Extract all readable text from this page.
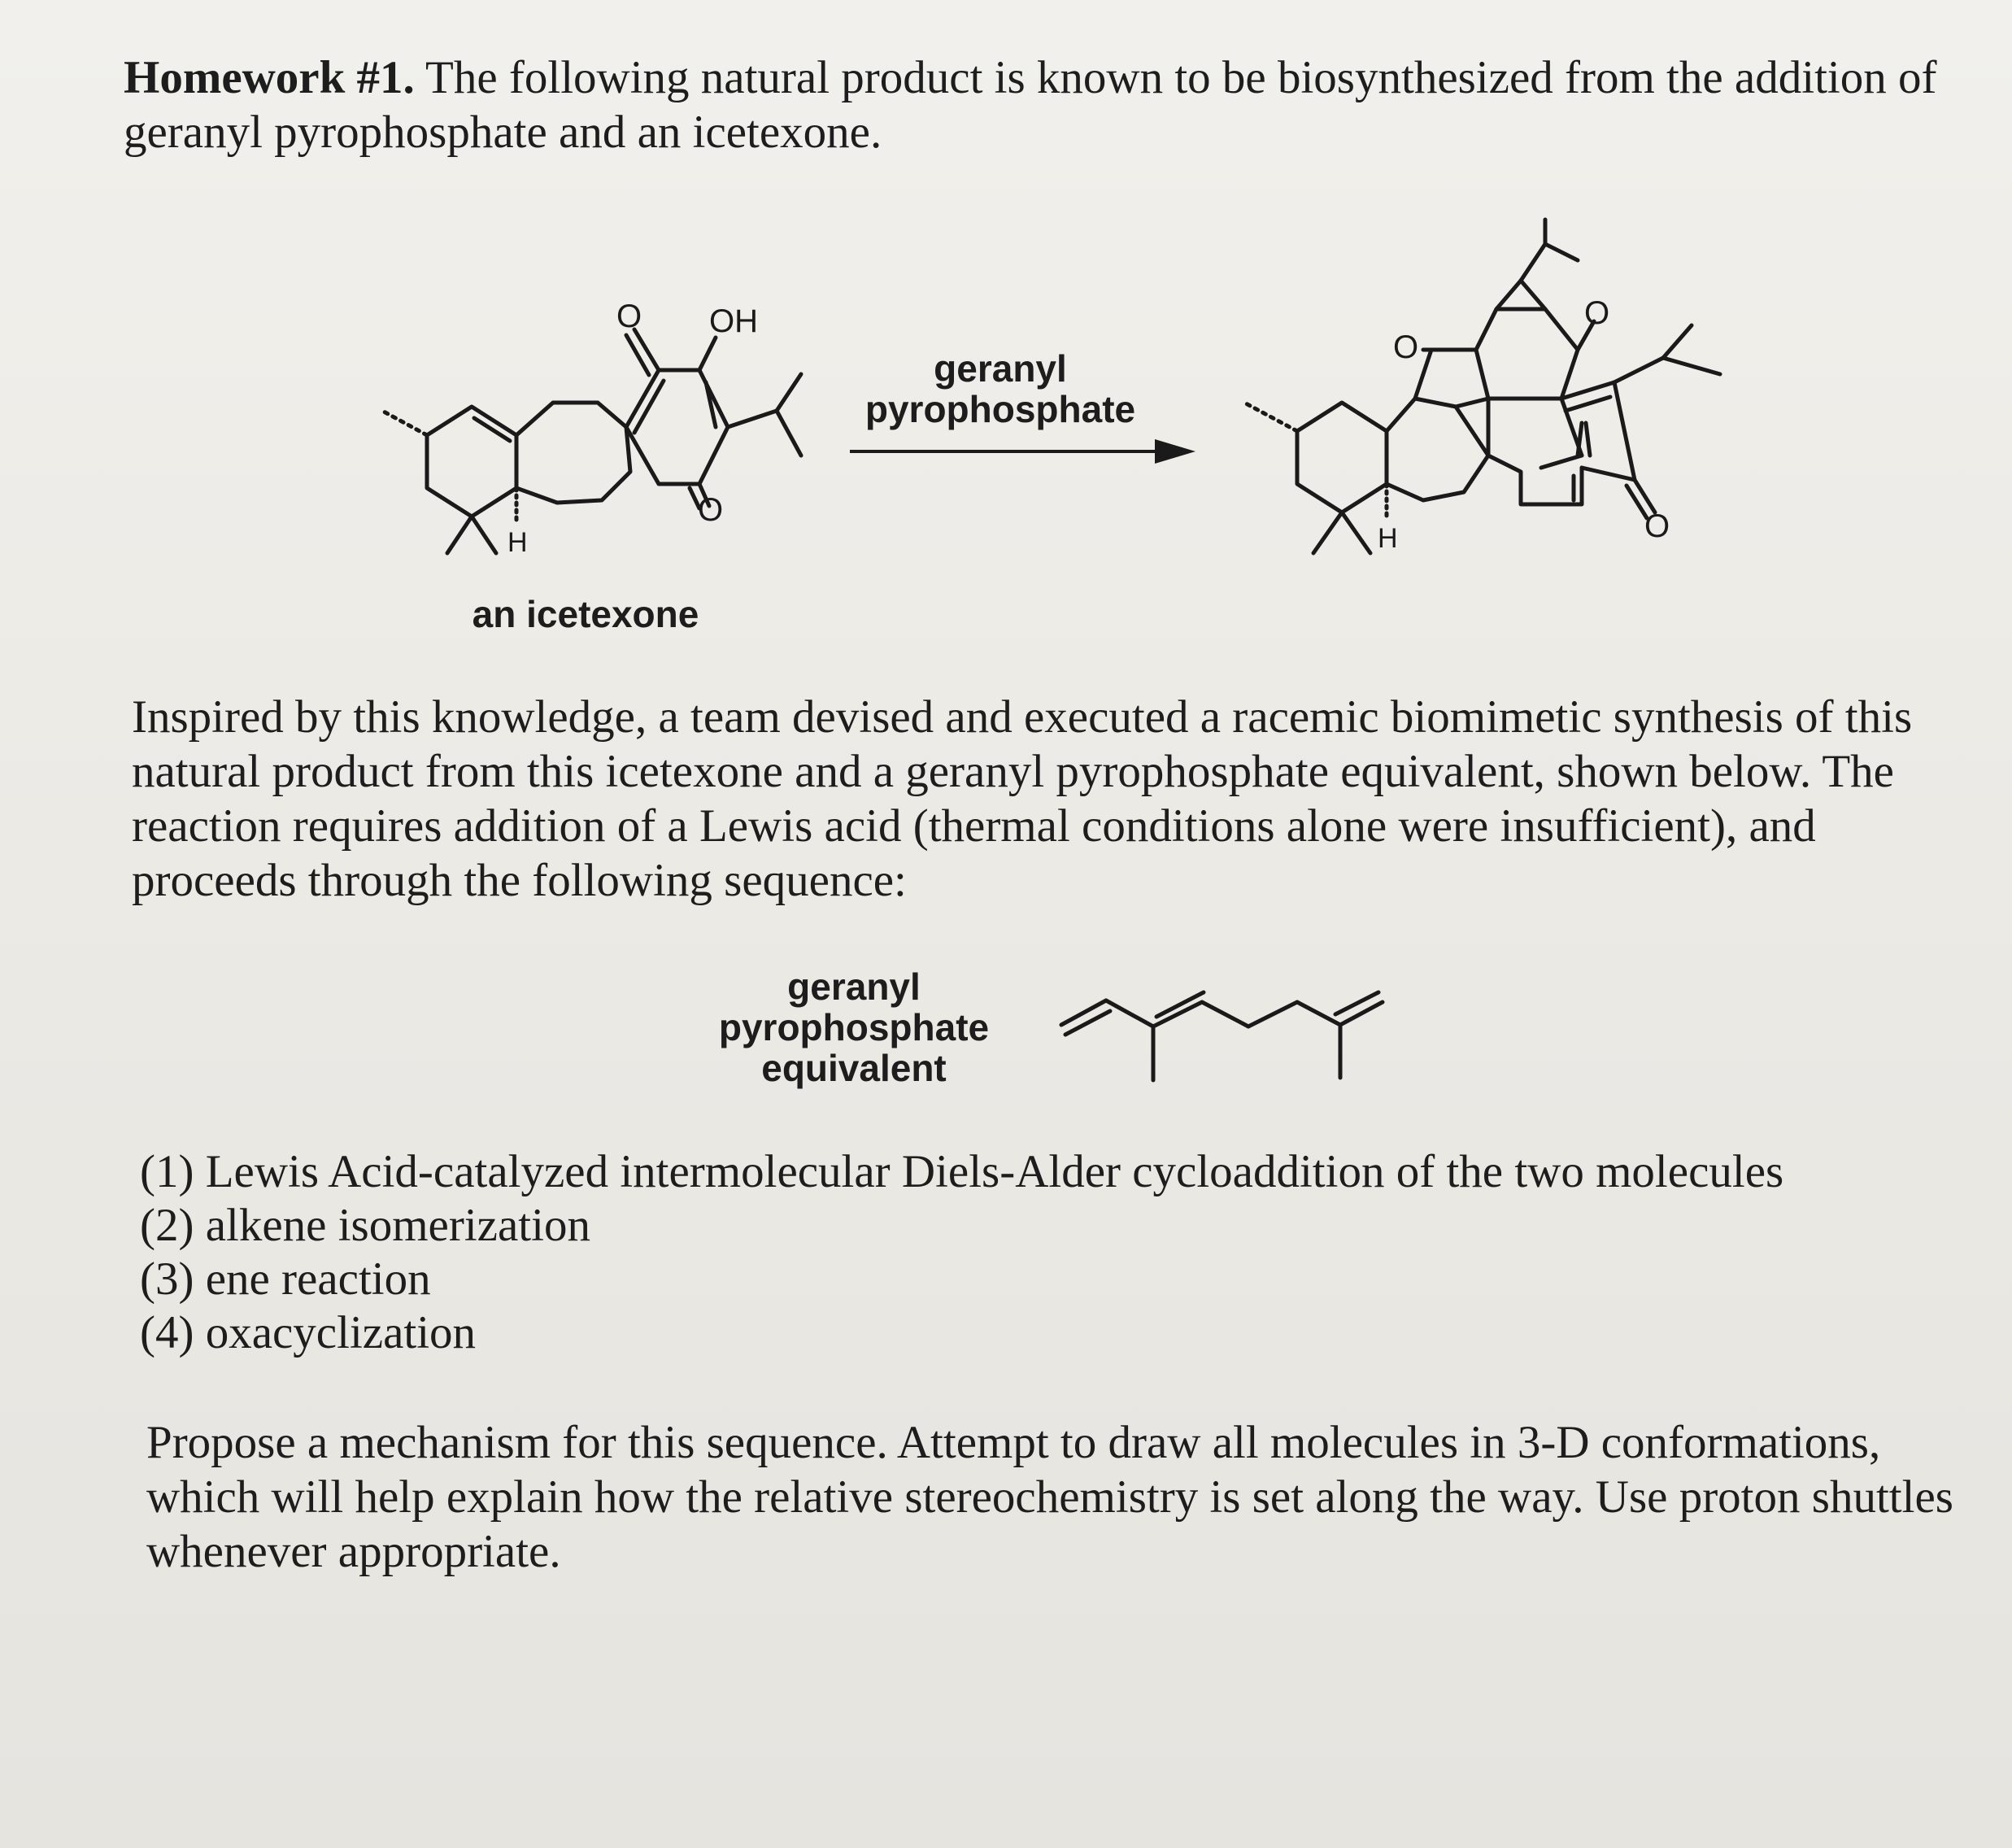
Homework #1. The following natural product is known to be biosynthesized from the addition of geranyl pyrophosphate and an icetexone.

O OH
O
H
geranyl pyrophosphate
O
O
O
H
an icetexone

Inspired by this knowledge, a team devised and executed a racemic biomimetic synthesis of this natural product from this icetexone and a geranyl pyrophosphate equivalent, shown below. The reaction requires addition of a Lewis acid (thermal conditions alone were insufficient), and proceeds through the following sequence:

geranyl pyrophosphate equivalent
(1) Lewis Acid-catalyzed intermolecular Diels-Alder cycloaddition of the two molecules
(2) alkene isomerization
(3) ene reaction
(4) oxacyclization

Propose a mechanism for this sequence. Attempt to draw all molecules in 3-D conformations, which will help explain how the relative stereochemistry is set along the way. Use proton shuttles whenever appropriate.
